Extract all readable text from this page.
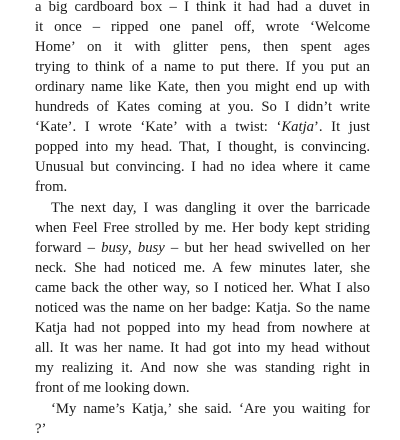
a big cardboard box – I think it had had a duvet in
it once – ripped one panel off, wrote ‘Welcome
Home’ on it with glitter pens, then spent ages
trying to think of a name to put there. If you put an
ordinary name like Kate, then you might end up with
hundreds of Kates coming at you. So I didn’t write
‘Kate’. I wrote ‘Kate’ with a twist: ‘Katja’. It just
popped into my head. That, I thought, is convincing.
Unusual but convincing. I had no idea where it came
from.
The next day, I was dangling it over the barricade
when Feel Free strolled by me. Her body kept striding
forward – busy, busy – but her head swivelled on her
neck. She had noticed me. A few minutes later, she
came back the other way, so I noticed her. What I also
noticed was the name on her badge: Katja. So the name
Katja had not popped into my head from nowhere at
all. It was her name. It had got into my head without
my realizing it. And now she was standing right in
front of me looking down.
‘My name’s Katja,’ she said. ‘Are you waiting for
?’
